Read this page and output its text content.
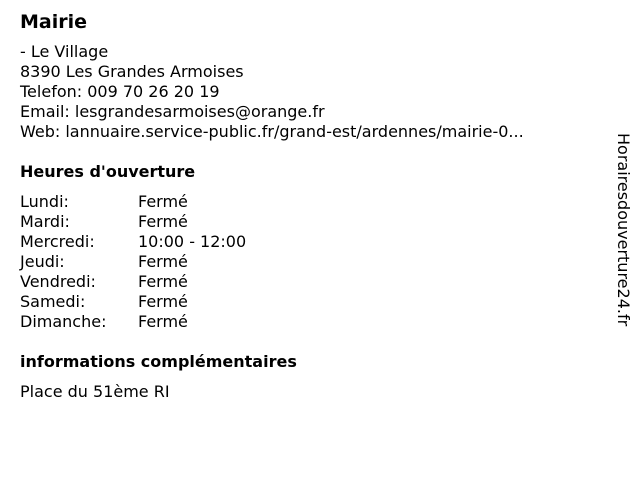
Mairie
- Le Village
8390 Les Grandes Armoises
Telefon: 009 70 26 20 19
Email: lesgrandesarmoises@orange.fr
Web: lannuaire.service-public.fr/grand-est/ardennes/mairie-0...
Heures d'ouverture
Lundi:	Fermé
Mardi:	Fermé
Mercredi:	10:00 - 12:00
Jeudi:	Fermé
Vendredi:	Fermé
Samedi:	Fermé
Dimanche:	Fermé
informations complémentaires
Place du 51ème RI
Horairesdouverture24.fr
